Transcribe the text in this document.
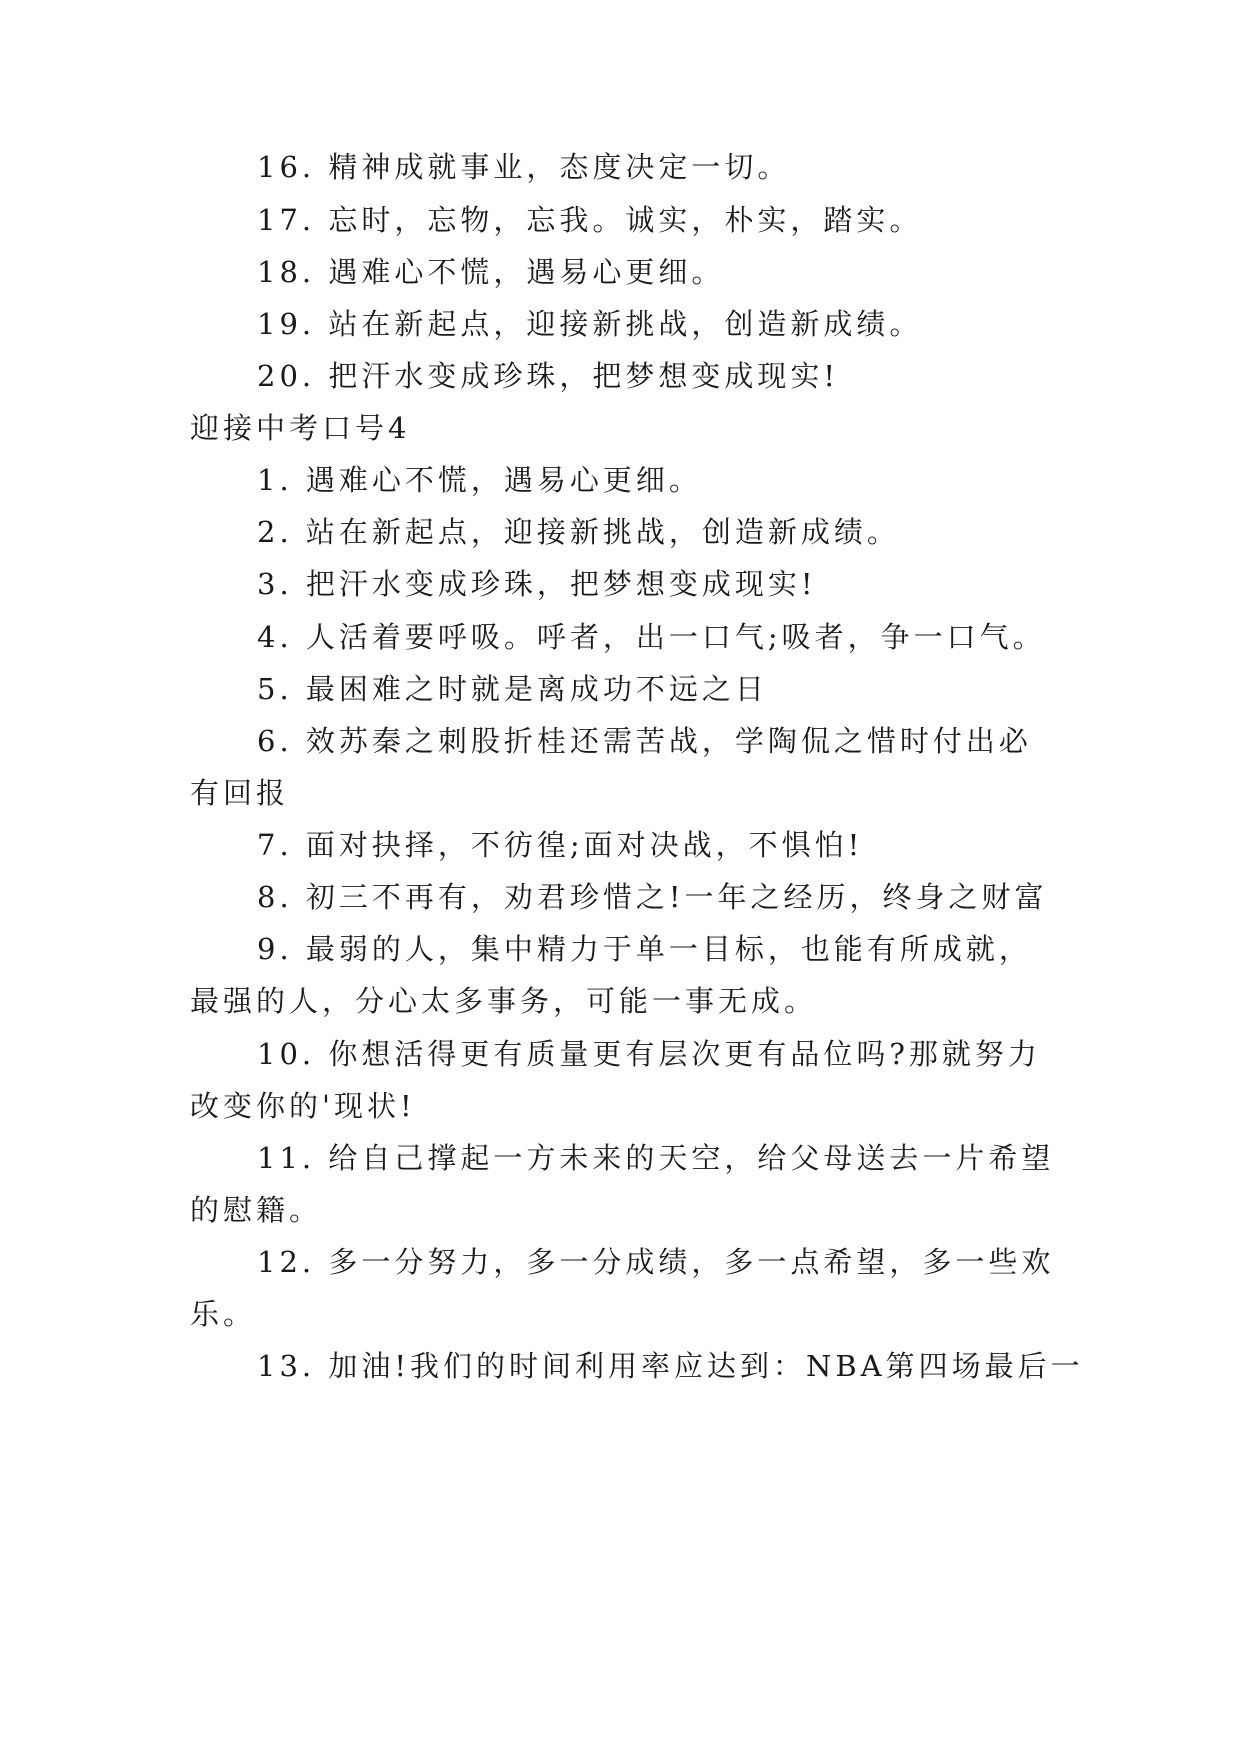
16. 精神成就事业，态度决定一切。
17. 忘时，忘物，忘我。诚实，朴实，踏实。
18. 遇难心不慌，遇易心更细。
19. 站在新起点，迎接新挑战，创造新成绩。
20. 把汗水变成珍珠，把梦想变成现实!
迎接中考口号4
1. 遇难心不慌，遇易心更细。
2. 站在新起点，迎接新挑战，创造新成绩。
3. 把汗水变成珍珠，把梦想变成现实!
4. 人活着要呼吸。呼者，出一口气;吸者，争一口气。
5. 最困难之时就是离成功不远之日
6. 效苏秦之刺股折桂还需苦战，学陶侃之惜时付出必
有回报
7. 面对抉择，不彷徨;面对决战，不惧怕!
8. 初三不再有，劝君珍惜之!一年之经历，终身之财富
9. 最弱的人，集中精力于单一目标，也能有所成就，
最强的人，分心太多事务，可能一事无成。
10. 你想活得更有质量更有层次更有品位吗?那就努力
改变你的'现状!
11. 给自己撑起一方未来的天空，给父母送去一片希望
的慰籍。
12. 多一分努力，多一分成绩，多一点希望，多一些欢
乐。
13. 加油!我们的时间利用率应达到：NBA第四场最后一
